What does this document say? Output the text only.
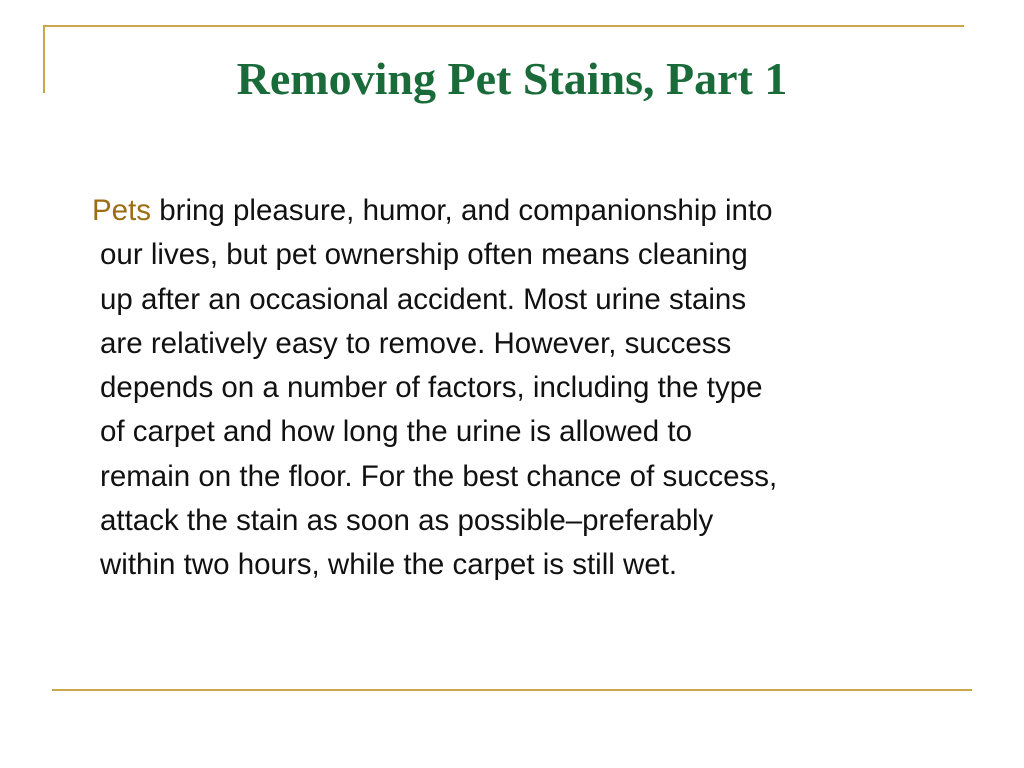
Removing Pet Stains, Part 1
Pets bring pleasure, humor, and companionship into
our lives, but pet ownership often means cleaning
up after an occasional accident. Most urine stains
are relatively easy to remove. However, success
depends on a number of factors, including the type
of carpet and how long the urine is allowed to
remain on the floor. For the best chance of success,
attack the stain as soon as possible–preferably
within two hours, while the carpet is still wet.
